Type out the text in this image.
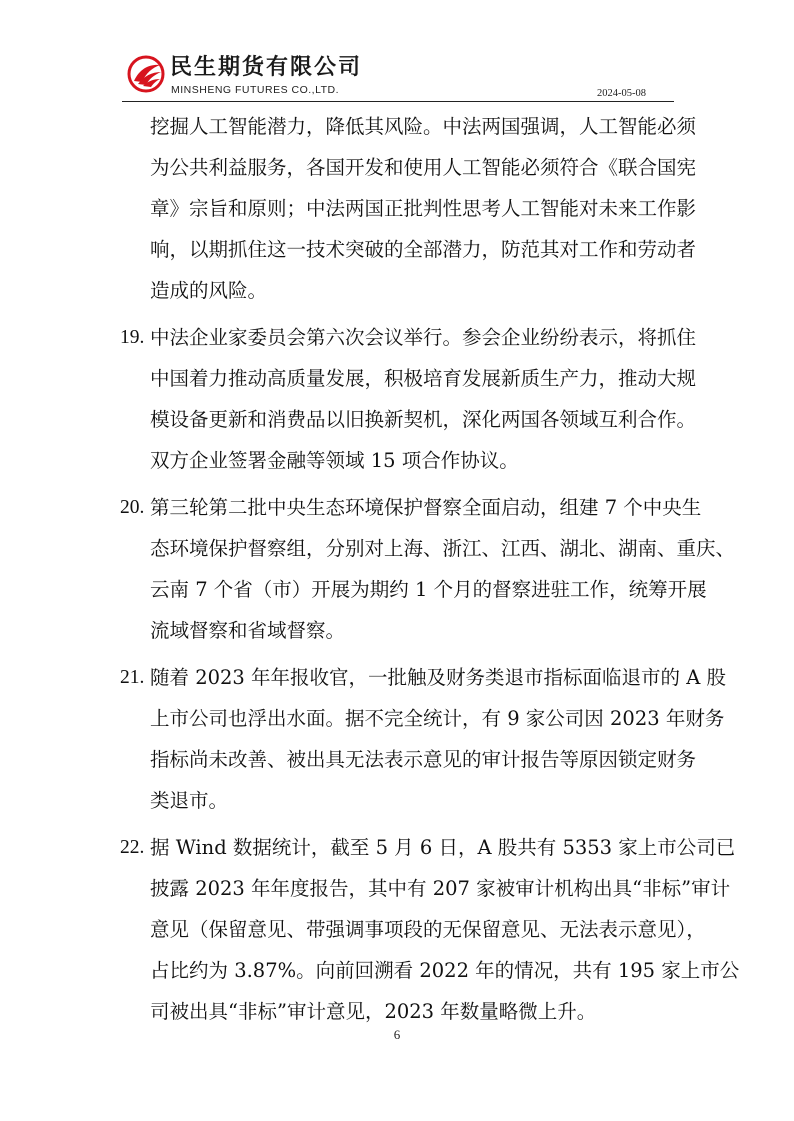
民生期货有限公司
MINSHENG FUTURES CO.,LTD.	2024-05-08
挖掘人工智能潜力，降低其风险。中法两国强调，人工智能必须
为公共利益服务，各国开发和使用人工智能必须符合《联合国宪
章》宗旨和原则；中法两国正批判性思考人工智能对未来工作影
响，以期抓住这一技术突破的全部潜力，防范其对工作和劳动者
造成的风险。
19. 中法企业家委员会第六次会议举行。参会企业纷纷表示，将抓住
中国着力推动高质量发展，积极培育发展新质生产力，推动大规
模设备更新和消费品以旧换新契机，深化两国各领域互利合作。
双方企业签署金融等领域 15 项合作协议。
20. 第三轮第二批中央生态环境保护督察全面启动，组建 7 个中央生
态环境保护督察组，分别对上海、浙江、江西、湖北、湖南、重庆、
云南 7 个省（市）开展为期约 1 个月的督察进驻工作，统筹开展
流域督察和省域督察。
21. 随着 2023 年年报收官，一批触及财务类退市指标面临退市的 A 股
上市公司也浮出水面。据不完全统计，有 9 家公司因 2023 年财务
指标尚未改善、被出具无法表示意见的审计报告等原因锁定财务
类退市。
22. 据 Wind 数据统计，截至 5 月 6 日，A 股共有 5353 家上市公司已
披露 2023 年年度报告，其中有 207 家被审计机构出具“非标”审计
意见（保留意见、带强调事项段的无保留意见、无法表示意见），
占比约为 3.87%。向前回溯看 2022 年的情况，共有 195 家上市公
司被出具“非标”审计意见，2023 年数量略微上升。
6
